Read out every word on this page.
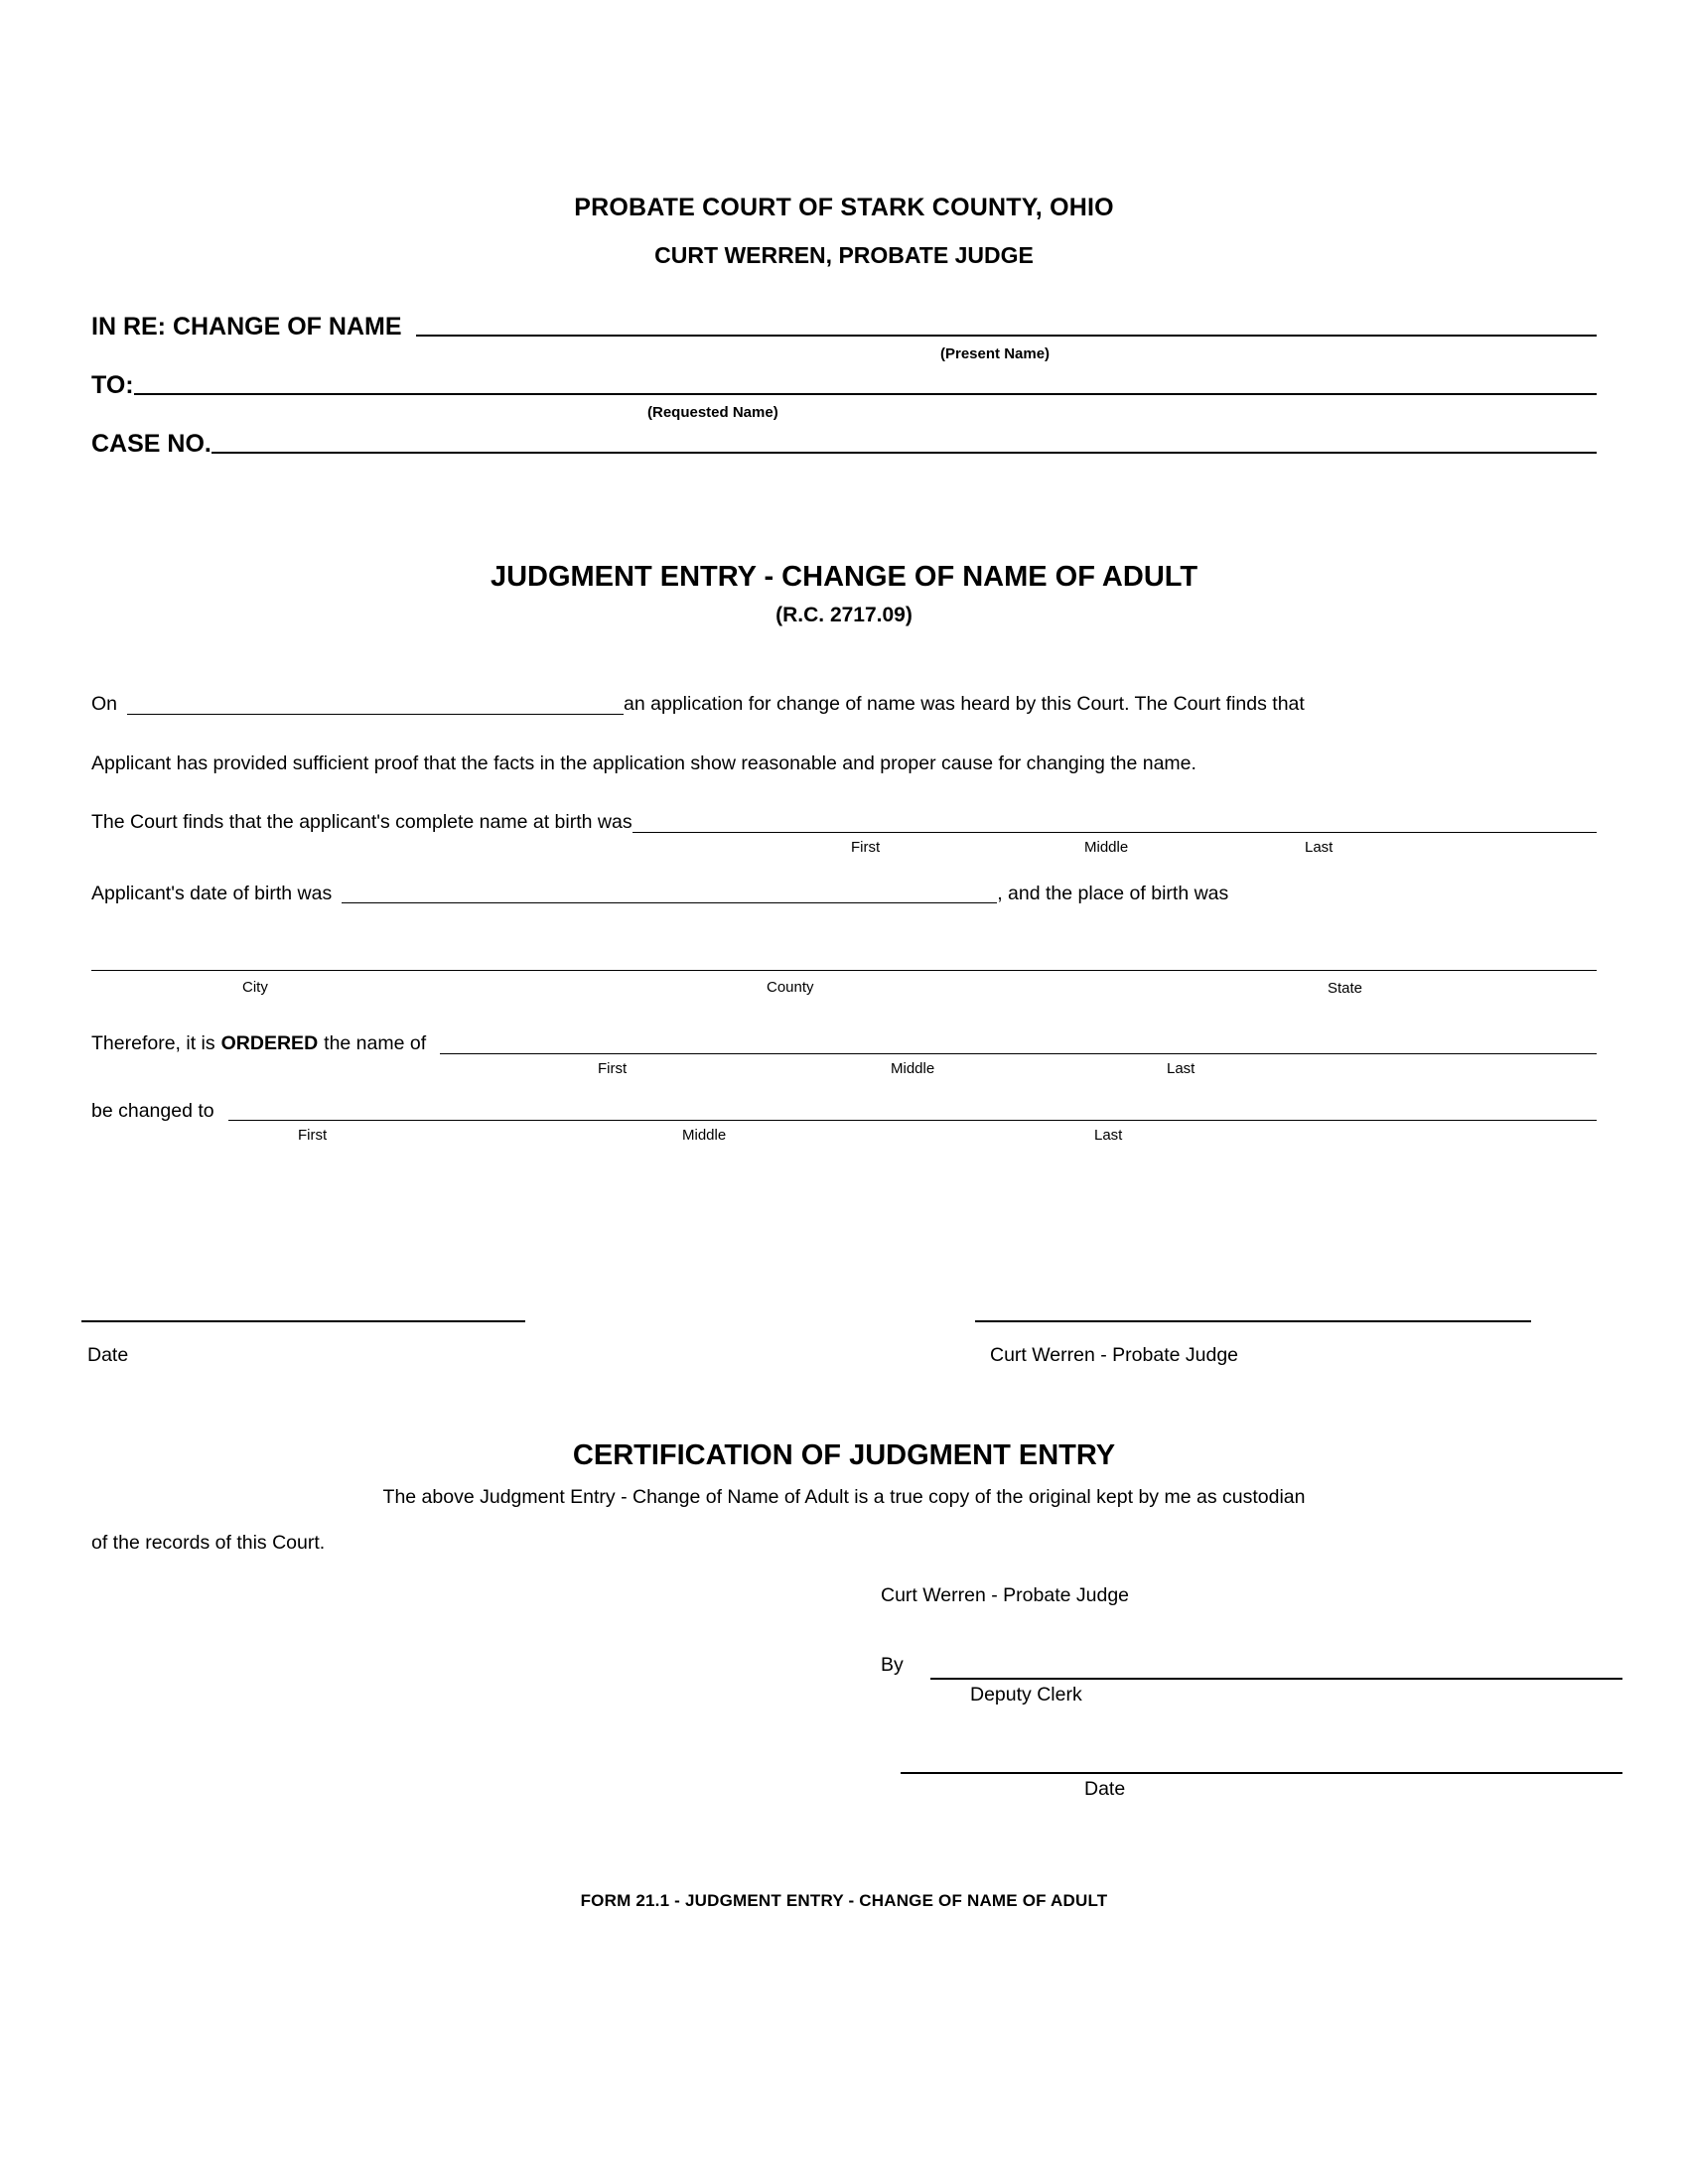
PROBATE COURT OF STARK COUNTY, OHIO
CURT WERREN, PROBATE JUDGE
IN RE: CHANGE OF NAME
(Present Name)
TO:
(Requested Name)
CASE NO.
JUDGMENT ENTRY - CHANGE OF NAME OF ADULT
(R.C. 2717.09)
On	an application for change of name was heard by this Court. The Court finds that
Applicant has provided sufficient proof that the facts in the application show reasonable and proper cause for changing the name.
The Court finds that the applicant's complete name at birth was
First	Middle	Last
Applicant's date of birth was	, and the place of birth was
City	County	State
Therefore, it is ORDERED the name of
First	Middle	Last
be changed to
First	Middle	Last
Date	Curt Werren - Probate Judge
CERTIFICATION OF JUDGMENT ENTRY
The above Judgment Entry - Change of Name of Adult is a true copy of the original kept by me as custodian
of the records of this Court.
Curt Werren - Probate Judge
By
Deputy Clerk
Date
FORM 21.1 - JUDGMENT ENTRY - CHANGE OF NAME OF ADULT
